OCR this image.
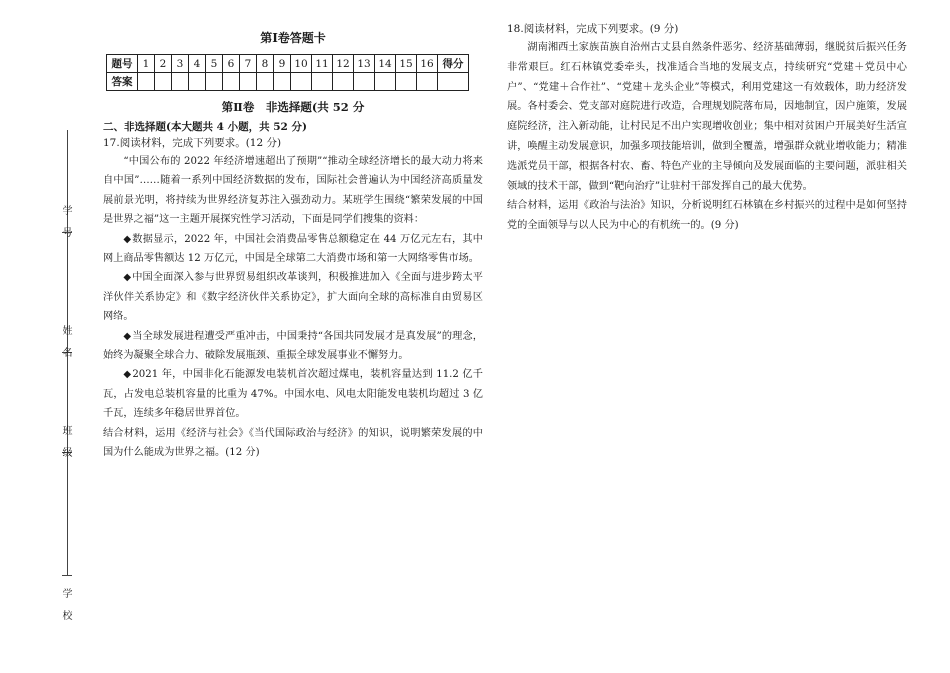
学　号
姓　名
班　级
学　校
第Ⅰ卷答题卡
题号	1	2	3	4	5	6	7	8	9	10	11	12	13	14	15	16	得分
答案																	
第Ⅱ卷　非选择题(共 52 分
二、非选择题(本大题共 4 小题，共 52 分)
17.阅读材料，完成下列要求。(12 分)
“中国公布的 2022 年经济增速超出了预期”“推动全球经济增长的最大动力将来自中国”……随着一系列中国经济数据的发布，国际社会普遍认为中国经济高质量发展前景光明，将持续为世界经济复苏注入强劲动力。某班学生围绕“繁荣发展的中国是世界之福”这一主题开展探究性学习活动，下面是同学们搜集的资料：
◆数据显示，2022 年，中国社会消费品零售总额稳定在 44 万亿元左右，其中网上商品零售额达 12 万亿元，中国是全球第二大消费市场和第一大网络零售市场。
◆中国全面深入参与世界贸易组织改革谈判，积极推进加入《全面与进步跨太平洋伙伴关系协定》和《数字经济伙伴关系协定》，扩大面向全球的高标准自由贸易区网络。
◆当全球发展进程遭受严重冲击，中国秉持“各国共同发展才是真发展”的理念，始终为凝聚全球合力、破除发展瓶颈、重振全球发展事业不懈努力。
◆2021 年，中国非化石能源发电装机首次超过煤电，装机容量达到 11.2 亿千瓦，占发电总装机容量的比重为 47%。中国水电、风电太阳能发电装机均超过 3 亿千瓦，连续多年稳居世界首位。
结合材料，运用《经济与社会》《当代国际政治与经济》的知识，说明繁荣发展的中国为什么能成为世界之福。(12 分)
18.阅读材料，完成下列要求。(9 分)
湖南湘西土家族苗族自治州古丈县自然条件恶劣、经济基础薄弱，继脱贫后振兴任务非常艰巨。红石林镇党委牵头，找准适合当地的发展支点，持续研究“党建＋党员中心户”、“党建＋合作社”、“党建＋龙头企业”等模式，利用党建这一有效载体，助力经济发展。各村委会、党支部对庭院进行改造，合理规划院落布局，因地制宜，因户施策，发展庭院经济，注入新动能，让村民足不出户实现增收创业；集中相对贫困户开展美好生活宣讲，唤醒主动发展意识，加强多项技能培训，做到全覆盖，增强群众就业增收能力；精准选派党员干部，根据各村农、畜、特色产业的主导倾向及发展面临的主要问题，派驻相关领域的技术干部，做到“靶向治疗”让驻村干部发挥自己的最大优势。
结合材料，运用《政治与法治》知识，分析说明红石林镇在乡村振兴的过程中是如何坚持党的全面领导与以人民为中心的有机统一的。(9 分)
